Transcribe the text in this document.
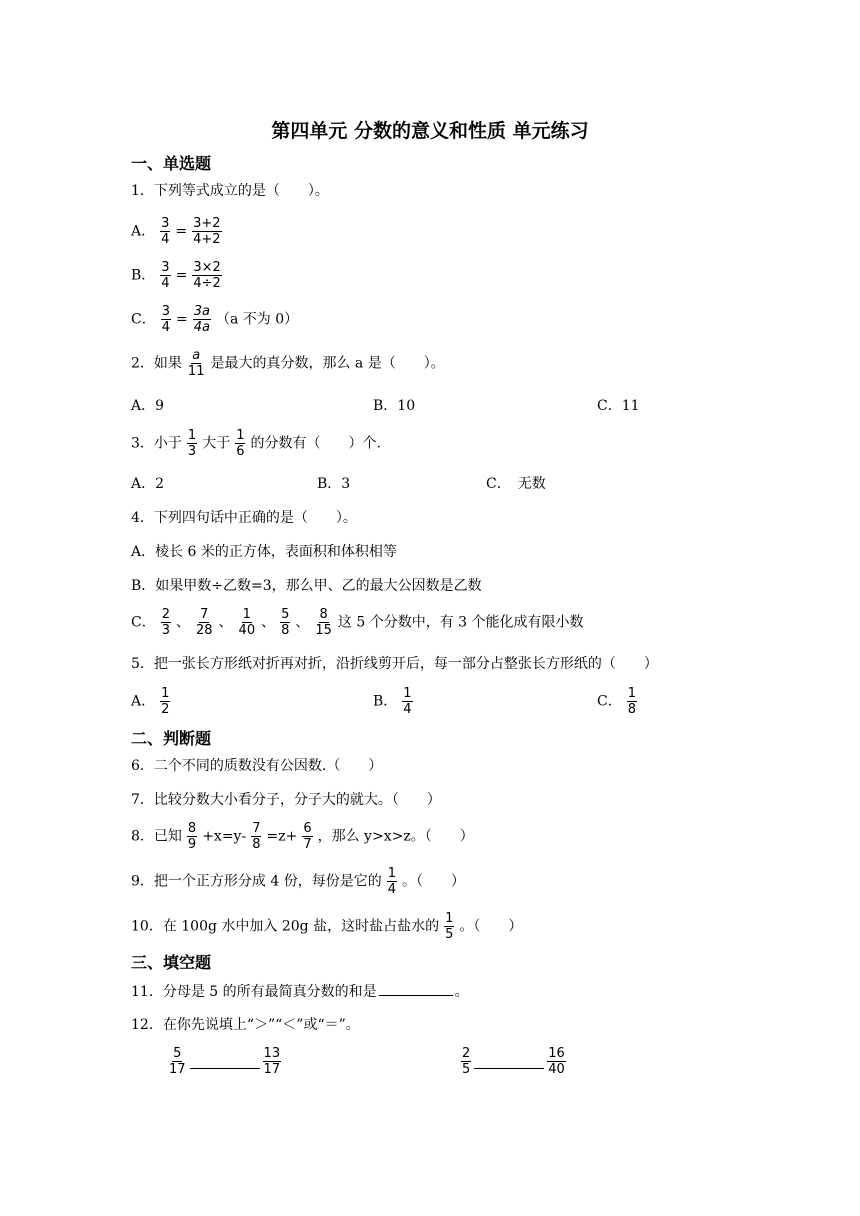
第四单元 分数的意义和性质 单元练习
一、单选题
1．下列等式成立的是（　　）。
A． $\frac{3}{4} = \frac{3+2}{4+2}$
B． $\frac{3}{4} = \frac{3\times 2}{4\div 2}$
C． $\frac{3}{4} = \frac{3a}{4a} (a$ 不为 0）
2．如果 $\frac{a}{11}$ 是最大的真分数，那么 a 是（　　）。
A．9	B．10	C．11
3．小于 $\frac{1}{3}$ 大于 $\frac{1}{6}$ 的分数有（　　）个.
A．2	B．3	C．　无数
4．下列四句话中正确的是（　　）。
A．棱长 6 米的正方体，表面积和体积相等
B．如果甲数÷乙数=3，那么甲、乙的最大公因数是乙数
C． $\frac{2}{3}$ 、 $\frac{7}{28}$ 、 $\frac{1}{40}$ 、 $\frac{5}{8}$ 、 $\frac{8}{15}$ 这 5 个分数中，有 3 个能化成有限小数
5．把一张长方形纸对折再对折，沿折线剪开后，每一部分占整张长方形纸的（　　）
A． $\frac{1}{2}$	B． $\frac{1}{4}$	C． $\frac{1}{8}$
二、判断题
6．二个不同的质数没有公因数.（　　）
7．比较分数大小看分子，分子大的就大。（　　）
8．已知 $\frac{8}{9} +x=y- \frac{7}{8} =z+ \frac{6}{7}$ ，那么 y>x>z。（　　）
9．把一个正方形分成 4 份，每份是它的 $\frac{1}{4}$ 。（　　）
10．在 100g 水中加入 20g 盐，这时盐占盐水的 $\frac{1}{5}$ 。（　　）
三、填空题
11．分母是 5 的所有最简真分数的和是	。
12．在你先说填上“＞”“＜”或“＝”。
$\frac{5}{17}$	$\frac{13}{17}$	$\frac{2}{5}$	$\frac{16}{40}$
